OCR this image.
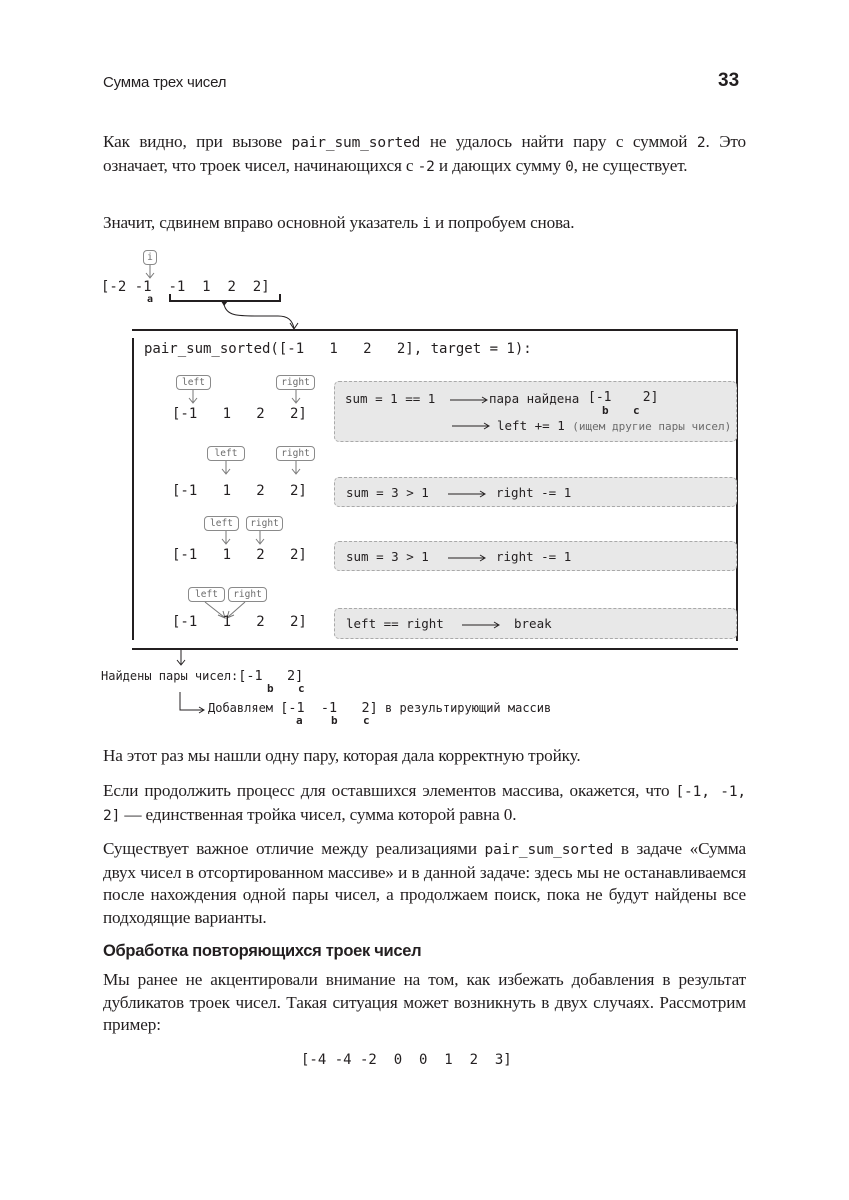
Сумма трех чисел	33

Как видно, при вызове pair_sum_sorted не удалось найти пару с суммой 2. Это означает, что троек чисел, начинающихся с -2 и дающих сумму 0, не существует.

Значит, сдвинем вправо основной указатель i и попробуем снова.

i
[-2 -1 -1 1 2 2]
a
pair_sum_sorted([-1   1   2   2], target = 1):
left	right
[-1   1   2   2]
sum = 1 == 1	пара найдена [-1    2]
b c
left += 1 (ищем другие пары чисел)
left	right
[-1   1   2   2]	sum = 3 > 1	right -= 1
left	right
[-1   1   2   2]	sum = 3 > 1	right -= 1
left	right
[-1   1   2   2]	left == right	break
Найдены пары чисел:[-1   2]
b c
Добавляем [-1  -1   2] в результирующий массив
a	b c

На этот раз мы нашли одну пару, которая дала корректную тройку.

Если продолжить процесс для оставшихся элементов массива, окажется, что [-1, -1, 2] — единственная тройка чисел, сумма которой равна 0.

Существует важное отличие между реализациями pair_sum_sorted в задаче «Сумма двух чисел в отсортированном массиве» и в данной задаче: здесь мы не останавливаемся после нахождения одной пары чисел, а продолжаем поиск, пока не будут найдены все подходящие варианты.

Обработка повторяющихся троек чисел

Мы ранее не акцентировали внимание на том, как избежать добавления в результат дубликатов троек чисел. Такая ситуация может возникнуть в двух случаях. Рассмотрим пример:

[-4 -4 -2  0  0  1  2  3]
